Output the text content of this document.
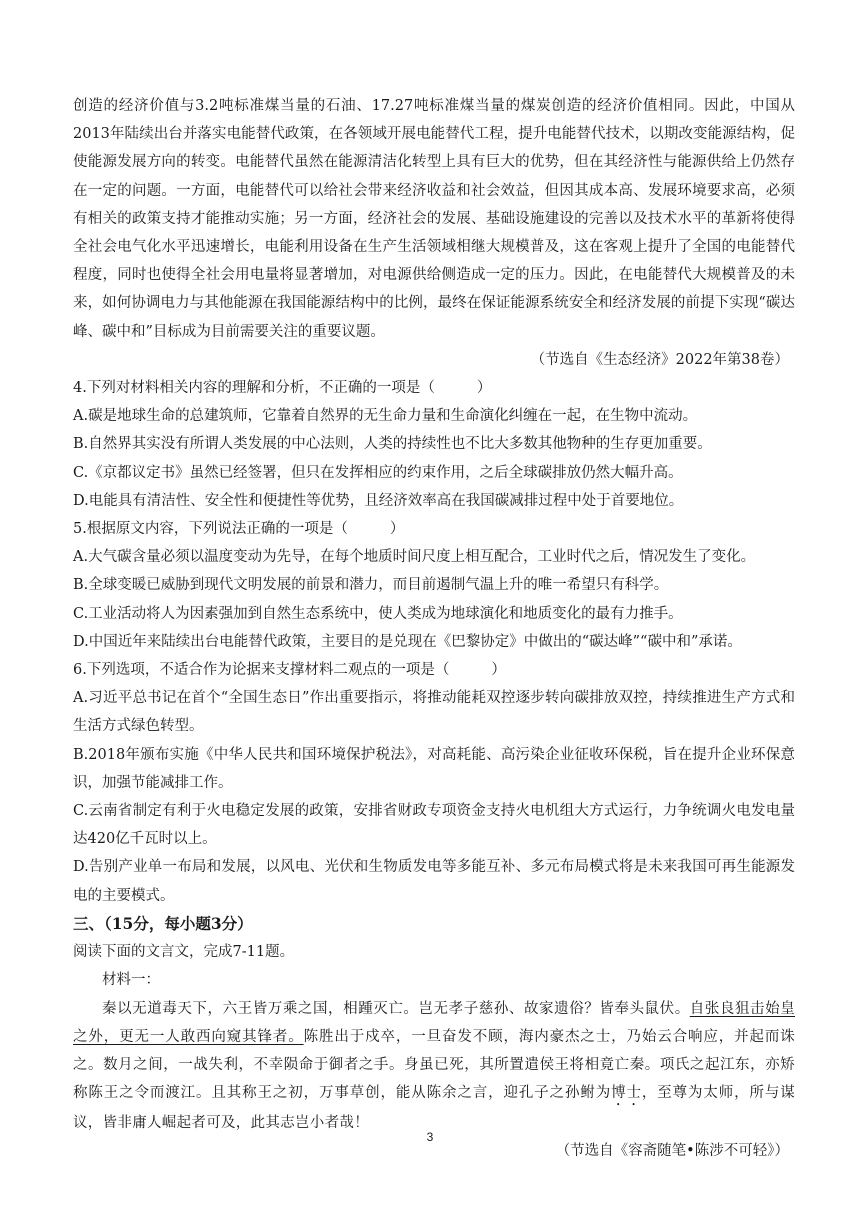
创造的经济价值与3.2吨标准煤当量的石油、17.27吨标准煤当量的煤炭创造的经济价值相同。因此，中国从2013年陆续出台并落实电能替代政策，在各领域开展电能替代工程，提升电能替代技术，以期改变能源结构，促使能源发展方向的转变。电能替代虽然在能源清洁化转型上具有巨大的优势，但在其经济性与能源供给上仍然存在一定的问题。一方面，电能替代可以给社会带来经济收益和社会效益，但因其成本高、发展环境要求高，必须有相关的政策支持才能推动实施；另一方面，经济社会的发展、基础设施建设的完善以及技术水平的革新将使得全社会电气化水平迅速增长，电能利用设备在生产生活领域相继大规模普及，这在客观上提升了全国的电能替代程度，同时也使得全社会用电量将显著增加，对电源供给侧造成一定的压力。因此，在电能替代大规模普及的未来，如何协调电力与其他能源在我国能源结构中的比例，最终在保证能源系统安全和经济发展的前提下实现“碳达峰、碳中和”目标成为目前需要关注的重要议题。

（节选自《生态经济》2022年第38卷）

4.下列对材料相关内容的理解和分析，不正确的一项是（	）

A.碳是地球生命的总建筑师，它靠着自然界的无生命力量和生命演化纠缠在一起，在生物中流动。

B.自然界其实没有所谓人类发展的中心法则，人类的持续性也不比大多数其他物种的生存更加重要。

C.《京都议定书》虽然已经签署，但只在发挥相应的约束作用，之后全球碳排放仍然大幅升高。

D.电能具有清洁性、安全性和便捷性等优势，且经济效率高在我国碳减排过程中处于首要地位。

5.根据原文内容，下列说法正确的一项是（	）

A.大气碳含量必须以温度变动为先导，在每个地质时间尺度上相互配合，工业时代之后，情况发生了变化。

B.全球变暖已威胁到现代文明发展的前景和潜力，而目前遏制气温上升的唯一希望只有科学。

C.工业活动将人为因素强加到自然生态系统中，使人类成为地球演化和地质变化的最有力推手。

D.中国近年来陆续出台电能替代政策，主要目的是兑现在《巴黎协定》中做出的“碳达峰”“碳中和”承诺。

6.下列选项，不适合作为论据来支撑材料二观点的一项是（	）

A.习近平总书记在首个“全国生态日”作出重要指示，将推动能耗双控逐步转向碳排放双控，持续推进生产方式和生活方式绿色转型。

B.2018年颁布实施《中华人民共和国环境保护税法》，对高耗能、高污染企业征收环保税，旨在提升企业环保意识，加强节能减排工作。

C.云南省制定有利于火电稳定发展的政策，安排省财政专项资金支持火电机组大方式运行，力争统调火电发电量达420亿千瓦时以上。

D.告别产业单一布局和发展，以风电、光伏和生物质发电等多能互补、多元布局模式将是未来我国可再生能源发电的主要模式。

三、（15分，每小题3分）

阅读下面的文言文，完成7-11题。

材料一：

秦以无道毒天下，六王皆万乘之国，相踵灭亡。岂无孝子慈孙、故家遗俗？皆奉头鼠伏。自张良狙击始皇之外，更无一人敢西向窥其锋者。陈胜出于戍卒，一旦奋发不顾，海内豪杰之士，乃始云合响应，并起而诛之。数月之间，一战失利，不幸陨命于御者之手。身虽已死，其所置遣侯王将相竟亡秦。项氏之起江东，亦矫称陈王之令而渡江。且其称王之初，万事草创，能从陈余之言，迎孔子之孙鲋为博士，至尊为太师，所与谋议，皆非庸人崛起者可及，此其志岂小者哉！

（节选自《容斋随笔•陈涉不可轻》）

3
